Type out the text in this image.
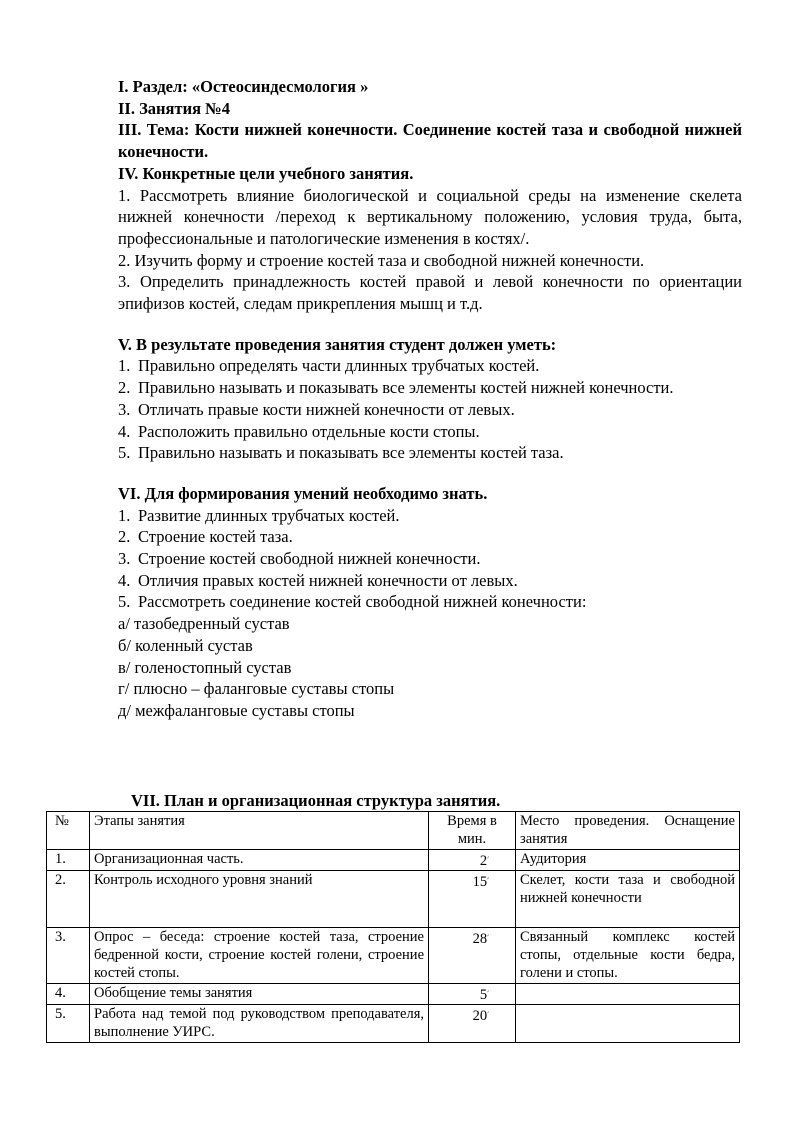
I. Раздел: «Остеосиндесмология »
II. Занятия №4
III. Тема: Кости нижней конечности. Соединение костей таза и свободной нижней конечности.
IV. Конкретные цели учебного занятия.
1. Рассмотреть влияние биологической и социальной среды на изменение скелета нижней конечности /переход к вертикальному положению, условия труда, быта, профессиональные и патологические изменения в костях/.
2. Изучить форму и строение костей таза и свободной нижней конечности.
3. Определить принадлежность костей правой и левой конечности по ориентации эпифизов костей, следам прикрепления мышц и т.д.
V. В результате проведения занятия студент должен уметь:
1. Правильно определять части длинных трубчатых костей.
2. Правильно называть и показывать все элементы костей нижней конечности.
3. Отличать правые кости нижней конечности от левых.
4. Расположить правильно отдельные кости стопы.
5. Правильно называть и показывать все элементы костей таза.
VI. Для формирования умений необходимо знать.
1. Развитие длинных трубчатых костей.
2. Строение костей таза.
3. Строение костей свободной нижней конечности.
4. Отличия правых костей нижней конечности от левых.
5. Рассмотреть соединение костей свободной нижней конечности:
а/ тазобедренный сустав
б/ коленный сустав
в/ голеностопный сустав
г/ плюсно – фаланговые суставы стопы
д/ межфаланговые суставы стопы
VII. План и организационная структура занятия.
№	Этапы занятия	Время в мин.	Место проведения. Оснащение занятия
1.	Организационная часть.	2׳	Аудитория
2.	Контроль исходного уровня знаний	15׳	Скелет, кости таза и свободной нижней конечности
3.	Опрос – беседа: строение костей таза, строение бедренной кости, строение костей голени, строение костей стопы.	28׳	Связанный комплекс костей стопы, отдельные кости бедра, голени и стопы.
4.	Обобщение темы занятия	5׳	
5.	Работа над темой под руководством преподавателя, выполнение УИРС.	20׳	
